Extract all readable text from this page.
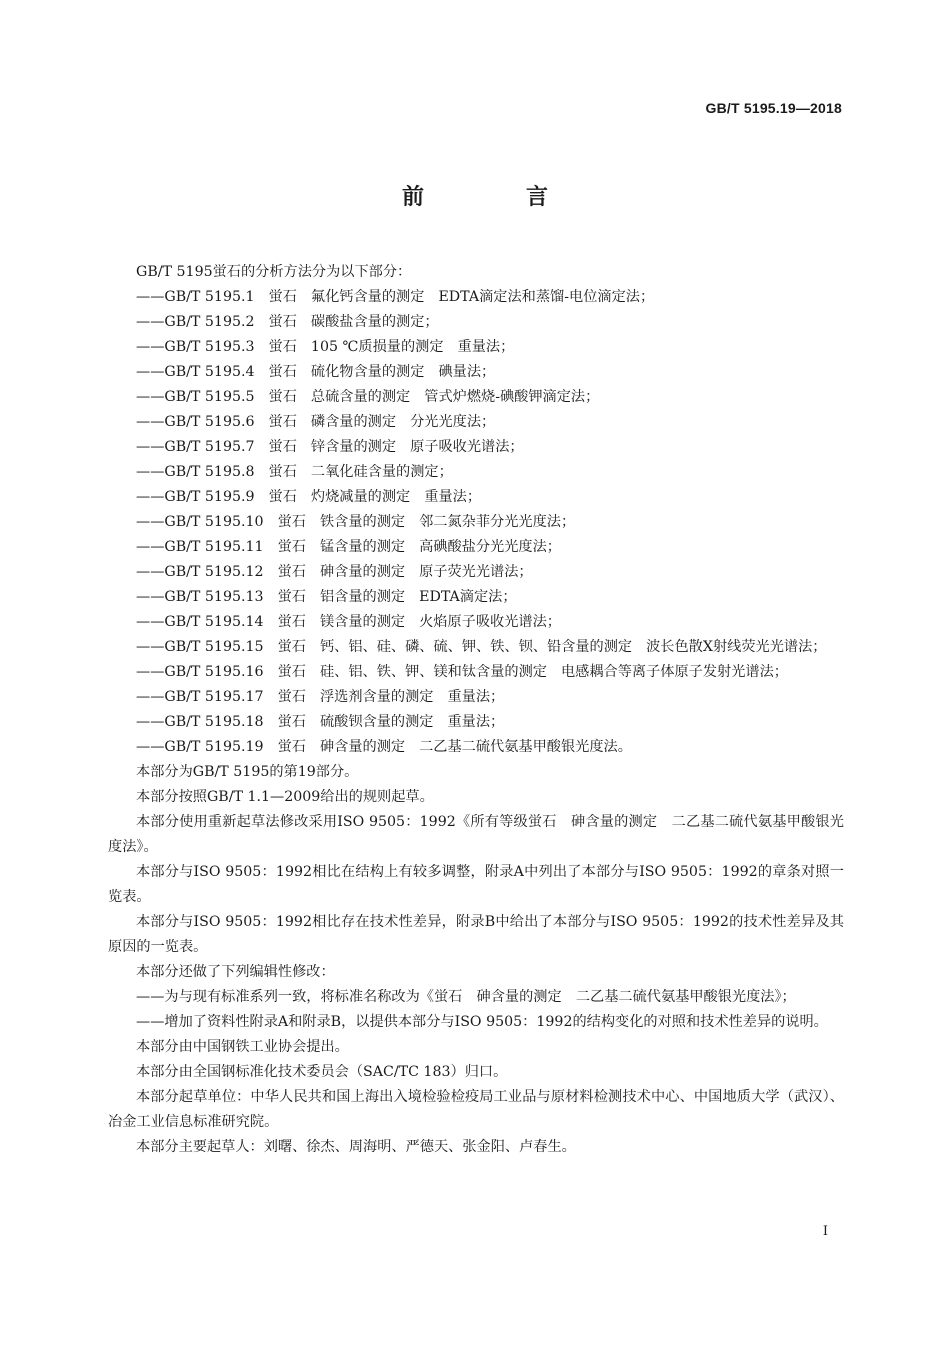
GB/T 5195.19—2018
前　言
GB/T 5195蛍石的分析方法分为以下部分：
——GB/T 5195.1 蛍石 氟化钙含量的测定 EDTA滴定法和蒸馏-电位滴定法；
——GB/T 5195.2 蛍石 碳酸盐含量的测定；
——GB/T 5195.3 蛍石 105 ℃质损量的测定 重量法；
——GB/T 5195.4 蛍石 硫化物含量的测定 碘量法；
——GB/T 5195.5 蛍石 总硫含量的测定 管式炉燃烧-碘酸钾滴定法；
——GB/T 5195.6 蛍石 磷含量的测定 分光光度法；
——GB/T 5195.7 蛍石 锌含量的测定 原子吸收光谱法；
——GB/T 5195.8 蛍石 二氧化硅含量的测定；
——GB/T 5195.9 蛍石 灼烧减量的测定 重量法；
——GB/T 5195.10 蛍石 铁含量的测定 邻二氮杂菲分光光度法；
——GB/T 5195.11 蛍石 锰含量的测定 高碘酸盐分光光度法；
——GB/T 5195.12 蛍石 砷含量的测定 原子荧光光谱法；
——GB/T 5195.13 蛍石 铝含量的测定 EDTA滴定法；
——GB/T 5195.14 蛍石 镁含量的测定 火焰原子吸收光谱法；
——GB/T 5195.15 蛍石 钙、铝、硅、磷、硫、钾、铁、钡、铅含量的测定 波长色散X射线荧光光谱法；
——GB/T 5195.16 蛍石 硅、铝、铁、钾、镁和钛含量的测定 电感耦合等离子体原子发射光谱法；
——GB/T 5195.17 蛍石 浮选剂含量的测定 重量法；
——GB/T 5195.18 蛍石 硫酸钡含量的测定 重量法；
——GB/T 5195.19 蛍石 砷含量的测定 二乙基二硫代氨基甲酸银光度法。
本部分为GB/T 5195的第19部分。
本部分按照GB/T 1.1—2009给出的规则起草。
本部分使用重新起草法修改采用ISO 9505：1992《所有等级蛍石　砷含量的测定　二乙基二硫代氨基甲酸银光度法》。
本部分与ISO 9505：1992相比在结构上有较多调整，附录A中列出了本部分与ISO 9505：1992的章条对照一览表。
本部分与ISO 9505：1992相比存在技术性差异，附录B中给出了本部分与ISO 9505：1992的技术性差异及其原因的一览表。
本部分还做了下列编辑性修改：
——为与现有标准系列一致，将标准名称改为《蛍石　砷含量的测定　二乙基二硫代氨基甲酸银光度法》；
——增加了资料性附录A和附录B，以提供本部分与ISO 9505：1992的结构变化的对照和技术性差异的说明。
本部分由中国钢铁工业协会提出。
本部分由全国钢标准化技术委员会（SAC/TC 183）归口。
本部分起草单位：中华人民共和国上海出入境检验检疫局工业品与原材料检测技术中心、中国地质大学（武汉）、冶金工业信息标准研究院。
本部分主要起草人：刘曙、徐杰、周海明、严德天、张金阳、卢春生。
I
